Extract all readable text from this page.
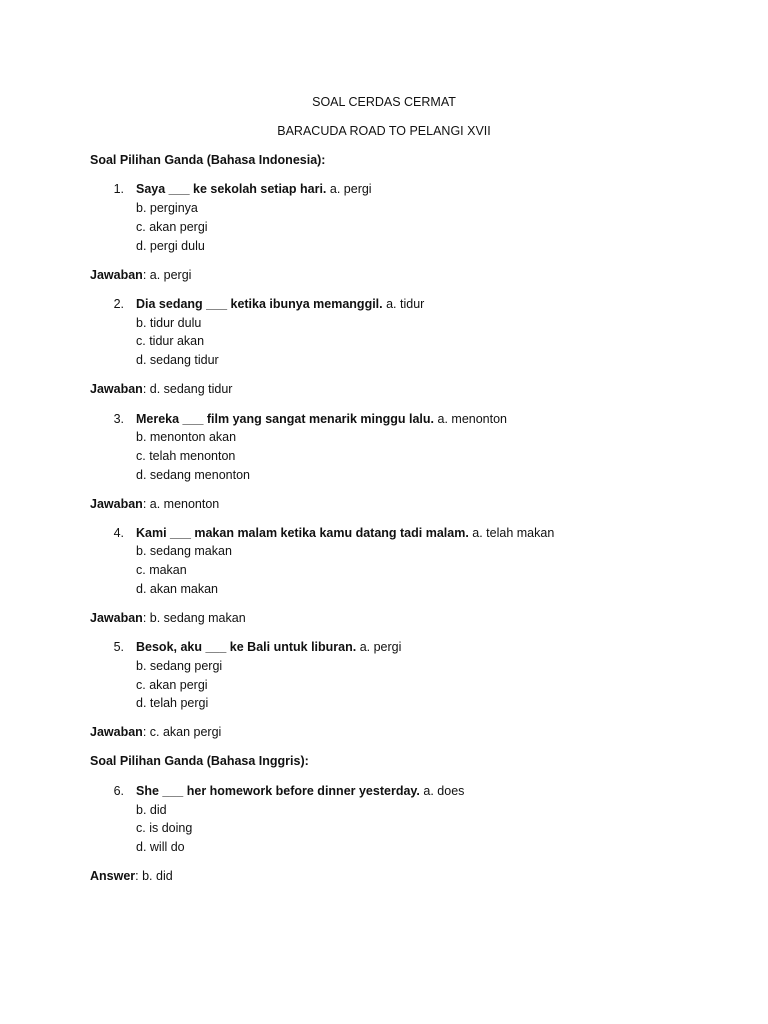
SOAL CERDAS CERMAT
BARACUDA ROAD TO PELANGI XVII
Soal Pilihan Ganda (Bahasa Indonesia):
1. Saya ___ ke sekolah setiap hari. a. pergi
b. perginya
c. akan pergi
d. pergi dulu
Jawaban: a. pergi
2. Dia sedang ___ ketika ibunya memanggil. a. tidur
b. tidur dulu
c. tidur akan
d. sedang tidur
Jawaban: d. sedang tidur
3. Mereka ___ film yang sangat menarik minggu lalu. a. menonton
b. menonton akan
c. telah menonton
d. sedang menonton
Jawaban: a. menonton
4. Kami ___ makan malam ketika kamu datang tadi malam. a. telah makan
b. sedang makan
c. makan
d. akan makan
Jawaban: b. sedang makan
5. Besok, aku ___ ke Bali untuk liburan. a. pergi
b. sedang pergi
c. akan pergi
d. telah pergi
Jawaban: c. akan pergi
Soal Pilihan Ganda (Bahasa Inggris):
6. She ___ her homework before dinner yesterday. a. does
b. did
c. is doing
d. will do
Answer: b. did
